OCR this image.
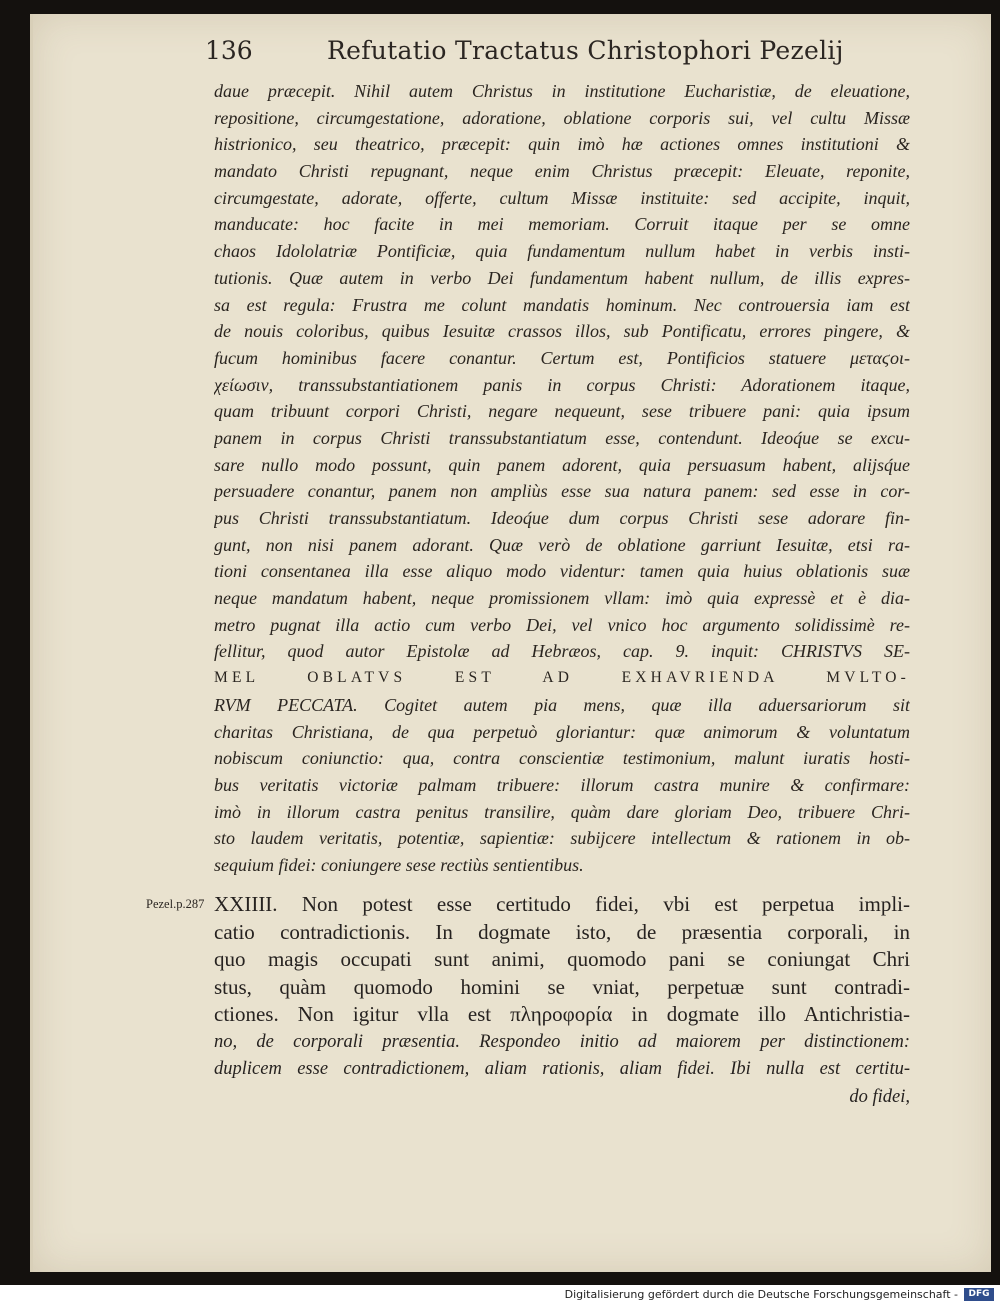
136	Refutatio Tractatus Christophori Pezelij
daue præcepit. Nihil autem Christus in institutione Eucharistiæ, de eleuatione,
repositione, circumgestatione, adoratione, oblatione corporis sui, vel cultu Missæ
histrionico, seu theatrico, præcepit: quin imò hæ actiones omnes institutioni &
mandato Christi repugnant, neque enim Christus præcepit: Eleuate, reponite,
circumgestate, adorate, offerte, cultum Missæ instituite: sed accipite, inquit,
manducate: hoc facite in mei memoriam. Corruit itaque per se omne
chaos Idololatriæ Pontificiæ, quia fundamentum nullum habet in verbis insti-
tutionis. Quæ autem in verbo Dei fundamentum habent nullum, de illis expres-
sa est regula: Frustra me colunt mandatis hominum. Nec controuersia iam est
de nouis coloribus, quibus Iesuitæ crassos illos, sub Pontificatu, errores pingere, &
fucum hominibus facere conantur. Certum est, Pontificios statuere μεταϛοι-
χείωσιν, transsubstantiationem panis in corpus Christi: Adorationem itaque,
quam tribuunt corpori Christi, negare nequeunt, sese tribuere pani: quia ipsum
panem in corpus Christi transsubstantiatum esse, contendunt. Ideoq́ue se excu-
sare nullo modo possunt, quin panem adorent, quia persuasum habent, alijsq́ue
persuadere conantur, panem non ampliùs esse sua natura panem: sed esse in cor-
pus Christi transsubstantiatum. Ideoq́ue dum corpus Christi sese adorare fin-
gunt, non nisi panem adorant. Quæ verò de oblatione garriunt Iesuitæ, etsi ra-
tioni consentanea illa esse aliquo modo videntur: tamen quia huius oblationis suæ
neque mandatum habent, neque promissionem vllam: imò quia expressè et è dia-
metro pugnat illa actio cum verbo Dei, vel vnico hoc argumento solidissimè re-
fellitur, quod autor Epistolæ ad Hebræos, cap. 9. inquit: CHRISTVS SE-
MEL OBLATVS EST AD EXHAVRIENDA MVLTO-
RVM PECCATA. Cogitet autem pia mens, quæ illa aduersariorum sit
charitas Christiana, de qua perpetuò gloriantur: quæ animorum & voluntatum
nobiscum coniunctio: qua, contra conscientiæ testimonium, malunt iuratis hosti-
bus veritatis victoriæ palmam tribuere: illorum castra munire & confirmare:
imò in illorum castra penitus transilire, quàm dare gloriam Deo, tribuere Chri-
sto laudem veritatis, potentiæ, sapientiæ: subijcere intellectum & rationem in ob-
sequium fidei: coniungere sese rectiùs sentientibus.
Pezel.p.287 XXIIII. Non potest esse certitudo fidei, vbi est perpetua impli-
catio contradictionis. In dogmate isto, de præsentia corporali, in
quo magis occupati sunt animi, quomodo pani se coniungat Chri
stus, quàm quomodo homini se vniat, perpetuæ sunt contradi-
ctiones. Non igitur vlla est πληροφορία in dogmate illo Antichristia-
no, de corporali præsentia. Respondeo initio ad maiorem per distinctionem:
duplicem esse contradictionem, aliam rationis, aliam fidei. Ibi nulla est certitu-
do fidei,
Digitalisierung gefördert durch die Deutsche Forschungsgemeinschaft -	DFG
